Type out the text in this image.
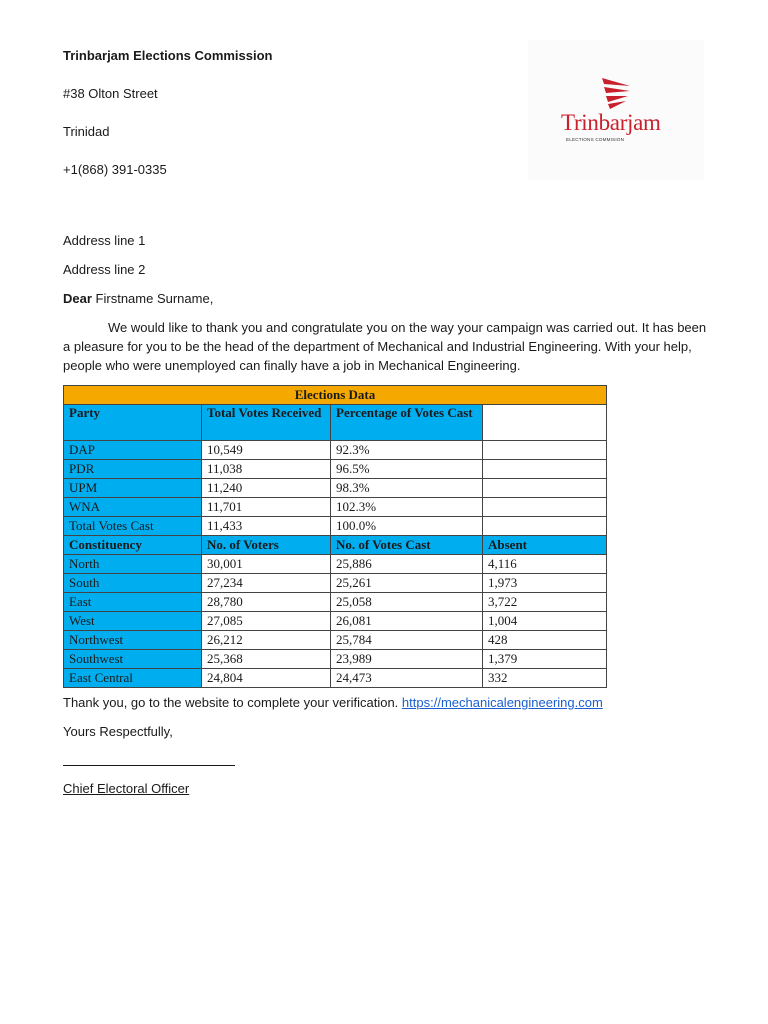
Trinbarjam Elections Commission
#38 Olton Street
Trinidad
+1(868) 391-0335
Trinbarjam
ELECTIONS COMMISION
Address line 1
Address line 2
Dear Firstname Surname,
We would like to thank you and congratulate you on the way your campaign was carried out. It has been a pleasure for you to be the head of the department of Mechanical and Industrial Engineering. With your help, people who were unemployed can finally have a job in Mechanical Engineering.
Elections Data			
Party	Total Votes Received	Percentage of Votes Cast	
DAP	10,549	92.3%	
PDR	11,038	96.5%	
UPM	11,240	98.3%	
WNA	11,701	102.3%	
Total Votes Cast	11,433	100.0%	
Constituency	No. of Voters	No. of Votes Cast	Absent
North	30,001	25,886	4,116
South	27,234	25,261	1,973
East	28,780	25,058	3,722
West	27,085	26,081	1,004
Northwest	26,212	25,784	428
Southwest	25,368	23,989	1,379
East Central	24,804	24,473	332
Thank you, go to the website to complete your verification. https://mechanicalengineering.com
Yours Respectfully,
Chief Electoral Officer
